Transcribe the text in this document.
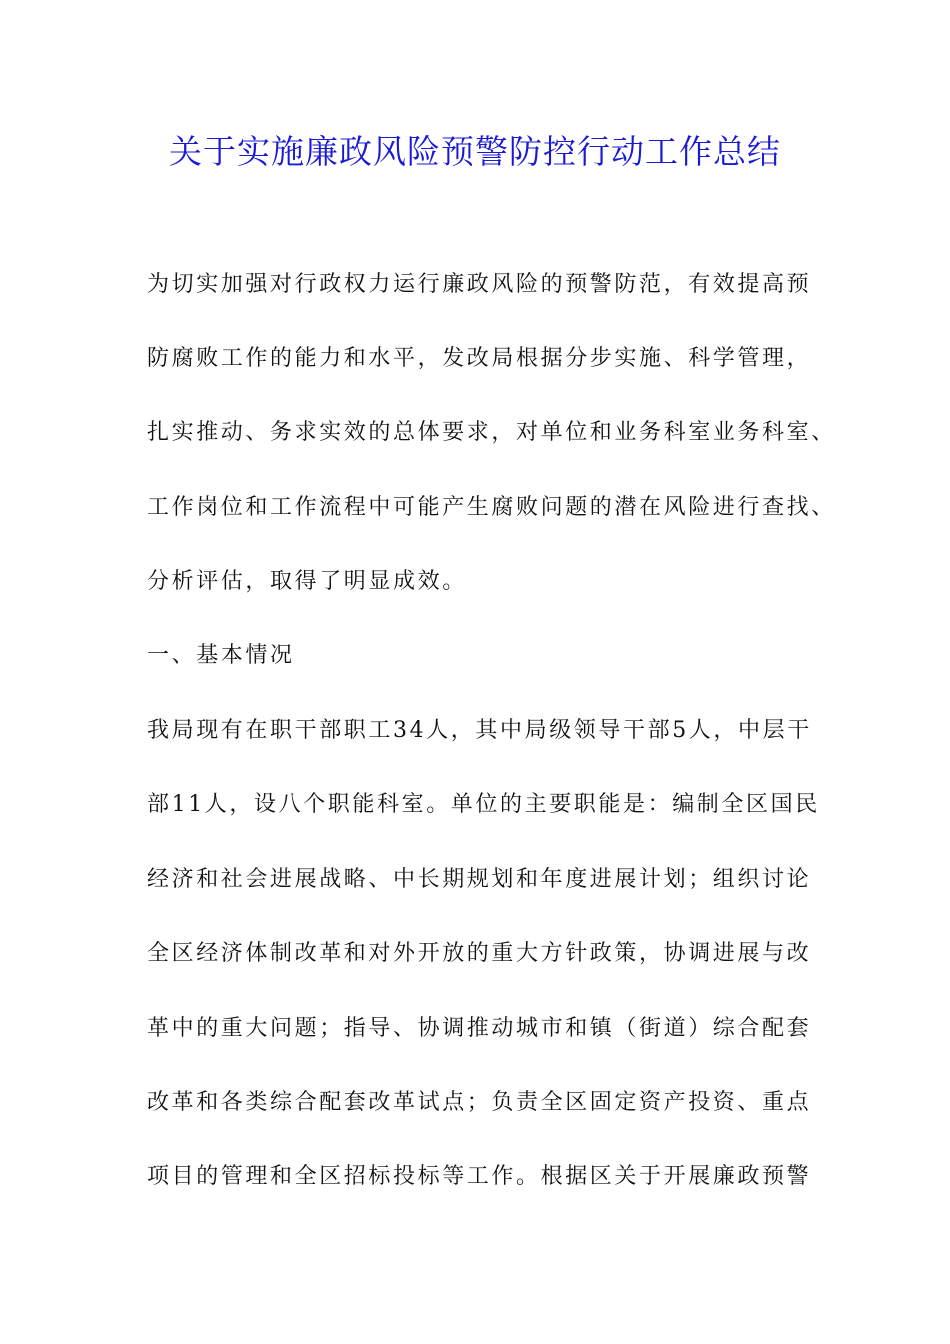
关于实施廉政风险预警防控行动工作总结
为切实加强对行政权力运行廉政风险的预警防范，有效提高预
防腐败工作的能力和水平，发改局根据分步实施、科学管理，
扎实推动、务求实效的总体要求，对单位和业务科室业务科室、
工作岗位和工作流程中可能产生腐败问题的潜在风险进行查找、
分析评估，取得了明显成效。
一、基本情况
我局现有在职干部职工34人，其中局级领导干部5人，中层干
部11人，设八个职能科室。单位的主要职能是：编制全区国民
经济和社会进展战略、中长期规划和年度进展计划；组织讨论
全区经济体制改革和对外开放的重大方针政策，协调进展与改
革中的重大问题；指导、协调推动城市和镇（街道）综合配套
改革和各类综合配套改革试点；负责全区固定资产投资、重点
项目的管理和全区招标投标等工作。根据区关于开展廉政预警
